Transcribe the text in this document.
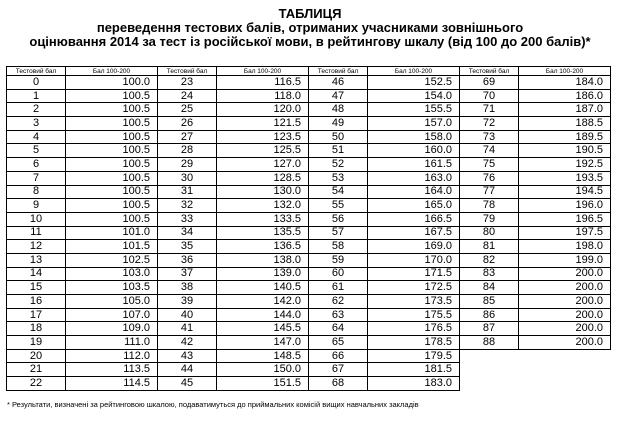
ТАБЛИЦЯ
переведення тестових балів, отриманих учасниками зовнішнього
оцінювання 2014 за тест із російської мови, в рейтингову шкалу (від 100 до 200 балів)*
Тестовий бал	Бал 100-200	Тестовий бал	Бал 100-200	Тестовий бал	Бал 100-200	Тестовий бал	Бал 100-200
0	100.0	23	116.5	46	152.5	69	184.0
1	100.5	24	118.0	47	154.0	70	186.0
2	100.5	25	120.0	48	155.5	71	187.0
3	100.5	26	121.5	49	157.0	72	188.5
4	100.5	27	123.5	50	158.0	73	189.5
5	100.5	28	125.5	51	160.0	74	190.5
6	100.5	29	127.0	52	161.5	75	192.5
7	100.5	30	128.5	53	163.0	76	193.5
8	100.5	31	130.0	54	164.0	77	194.5
9	100.5	32	132.0	55	165.0	78	196.0
10	100.5	33	133.5	56	166.5	79	196.5
11	101.0	34	135.5	57	167.5	80	197.5
12	101.5	35	136.5	58	169.0	81	198.0
13	102.5	36	138.0	59	170.0	82	199.0
14	103.0	37	139.0	60	171.5	83	200.0
15	103.5	38	140.5	61	172.5	84	200.0
16	105.0	39	142.0	62	173.5	85	200.0
17	107.0	40	144.0	63	175.5	86	200.0
18	109.0	41	145.5	64	176.5	87	200.0
19	111.0	42	147.0	65	178.5	88	200.0
20	112.0	43	148.5	66	179.5		
21	113.5	44	150.0	67	181.5		
22	114.5	45	151.5	68	183.0		
* Результати, визначені за рейтинговою шкалою, подаватимуться до приймальних комісій вищих навчальних закладів
